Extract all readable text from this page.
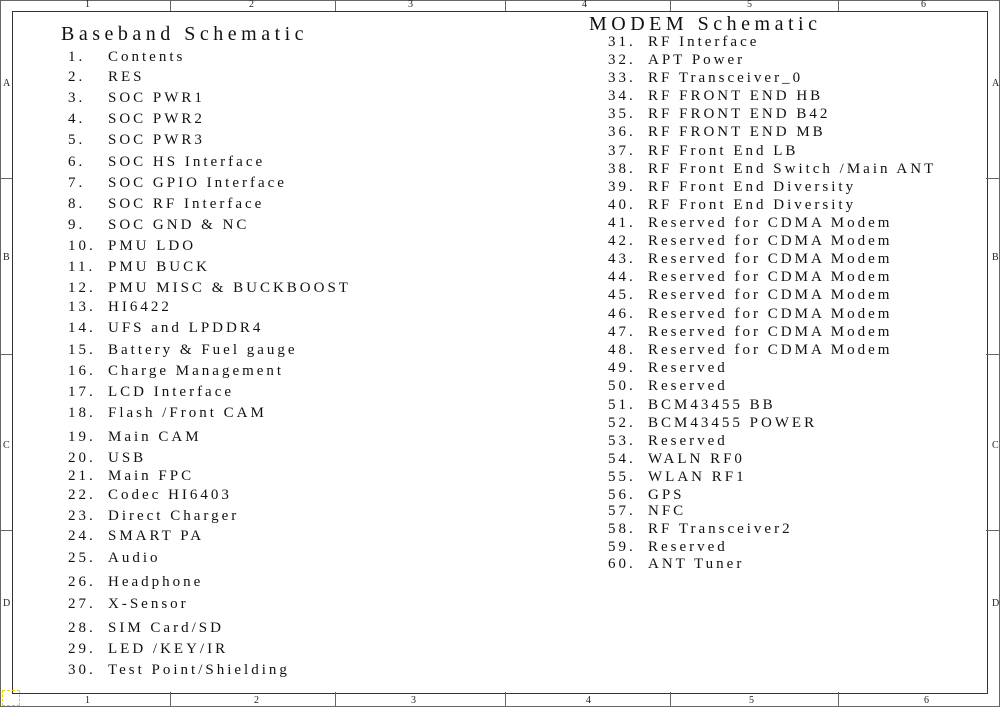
1	2	3	4	5	6
1	2	3	4	5	6
A
B
C
D
A
B
C
D
Baseband Schematic
1. Contents
2. RES
3. SOC PWR1
4. SOC PWR2
5. SOC PWR3
6. SOC HS Interface
7. SOC GPIO Interface
8. SOC RF Interface
9. SOC GND & NC
10. PMU LDO
11. PMU BUCK
12. PMU MISC & BUCKBOOST
13. HI6422
14. UFS and LPDDR4
15. Battery & Fuel gauge
16. Charge Management
17. LCD Interface
18. Flash /Front CAM
19. Main CAM
20. USB
21. Main FPC
22. Codec HI6403
23. Direct Charger
24. SMART PA
25. Audio
26. Headphone
27. X-Sensor
28. SIM Card/SD
29. LED /KEY/IR
30. Test Point/Shielding
MODEM Schematic
31. RF Interface
32. APT Power
33. RF Transceiver_0
34. RF FRONT END HB
35. RF FRONT END B42
36. RF FRONT END MB
37. RF Front End LB
38. RF Front End Switch /Main ANT
39. RF Front End Diversity
40. RF Front End Diversity
41. Reserved for CDMA Modem
42. Reserved for CDMA Modem
43. Reserved for CDMA Modem
44. Reserved for CDMA Modem
45. Reserved for CDMA Modem
46. Reserved for CDMA Modem
47. Reserved for CDMA Modem
48. Reserved for CDMA Modem
49. Reserved
50. Reserved
51. BCM43455 BB
52. BCM43455 POWER
53. Reserved
54. WALN RF0
55. WLAN RF1
56. GPS
57. NFC
58. RF Transceiver2
59. Reserved
60. ANT Tuner
